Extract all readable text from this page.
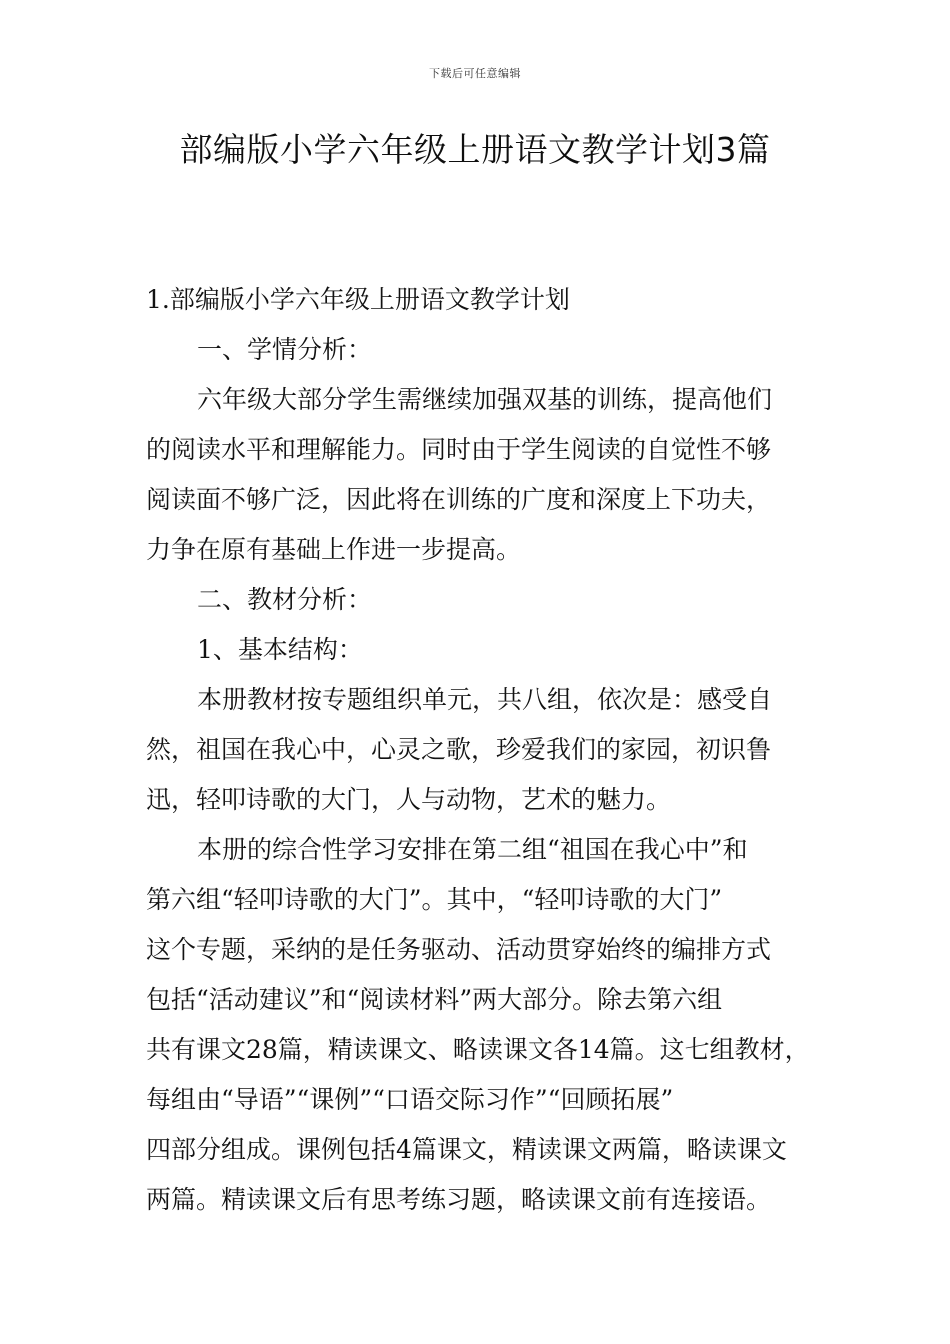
下载后可任意编辑
部编版小学六年级上册语文教学计划3篇
1.部编版小学六年级上册语文教学计划
一、学情分析：
六年级大部分学生需继续加强双基的训练，提高他们
的阅读水平和理解能力。同时由于学生阅读的自觉性不够
阅读面不够广泛，因此将在训练的广度和深度上下功夫，
力争在原有基础上作进一步提高。
二、教材分析：
1、基本结构：
本册教材按专题组织单元，共八组，依次是：感受自
然，祖国在我心中，心灵之歌，珍爱我们的家园，初识鲁
迅，轻叩诗歌的大门，人与动物，艺术的魅力。
本册的综合性学习安排在第二组“祖国在我心中”和
第六组“轻叩诗歌的大门”。其中，“轻叩诗歌的大门”
这个专题，采纳的是任务驱动、活动贯穿始终的编排方式
包括“活动建议”和“阅读材料”两大部分。除去第六组
共有课文28篇，精读课文、略读课文各14篇。这七组教材，
每组由“导语”“课例”“口语交际习作”“回顾拓展”
四部分组成。课例包括4篇课文，精读课文两篇，略读课文
两篇。精读课文后有思考练习题，略读课文前有连接语。
